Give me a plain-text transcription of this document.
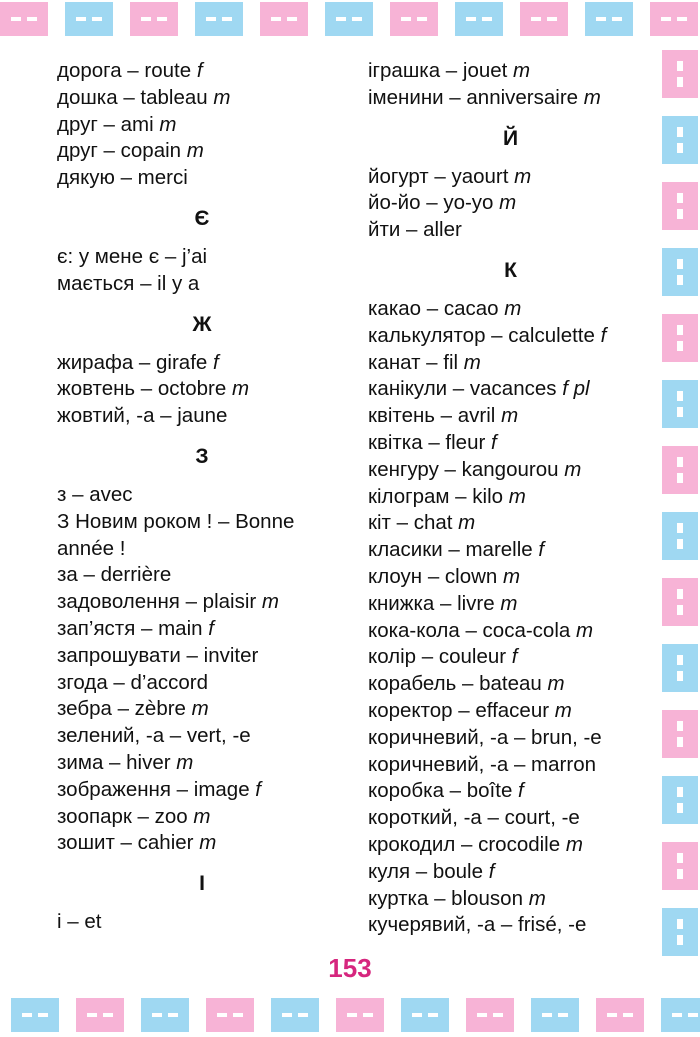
дорога – route f
дошка – tableau m
друг – ami m
друг – copain m
дякую – merci
Є
є: у мене є – j’ai
мається – il y a
Ж
жирафа – girafe f
жовтень – octobre m
жовтий, -а – jaune
З
з – avec
З Новим роком ! – Bonne année !
за – derrière
задоволення – plaisir m
зап’ястя – main f
запрошувати – inviter
згода – d’accord
зебра – zèbre m
зелений, -а – vert, -e
зима – hiver m
зображення – image f
зоопарк – zoo m
зошит – cahier m
І
і – et
іграшка – jouet m
іменини – anniversaire m
Й
йогурт – yaourt m
йо-йо – yo-yo m
йти – aller
К
какао – cacao m
калькулятор – calculette f
канат – fil m
канікули – vacances f pl
квітень – avril m
квітка – fleur f
кенгуру – kangourou m
кілограм – kilo m
кіт – chat m
класики – marelle f
клоун – clown m
книжка – livre m
кока-кола – coca-cola m
колір – couleur f
корабель – bateau m
коректор – effaceur m
коричневий, -а – brun, -e
коричневий, -а – marron
коробка – boîte f
короткий, -а – court, -e
крокодил – crocodile m
куля – boule f
куртка – blouson m
кучерявий, -а – frisé, -e
153
